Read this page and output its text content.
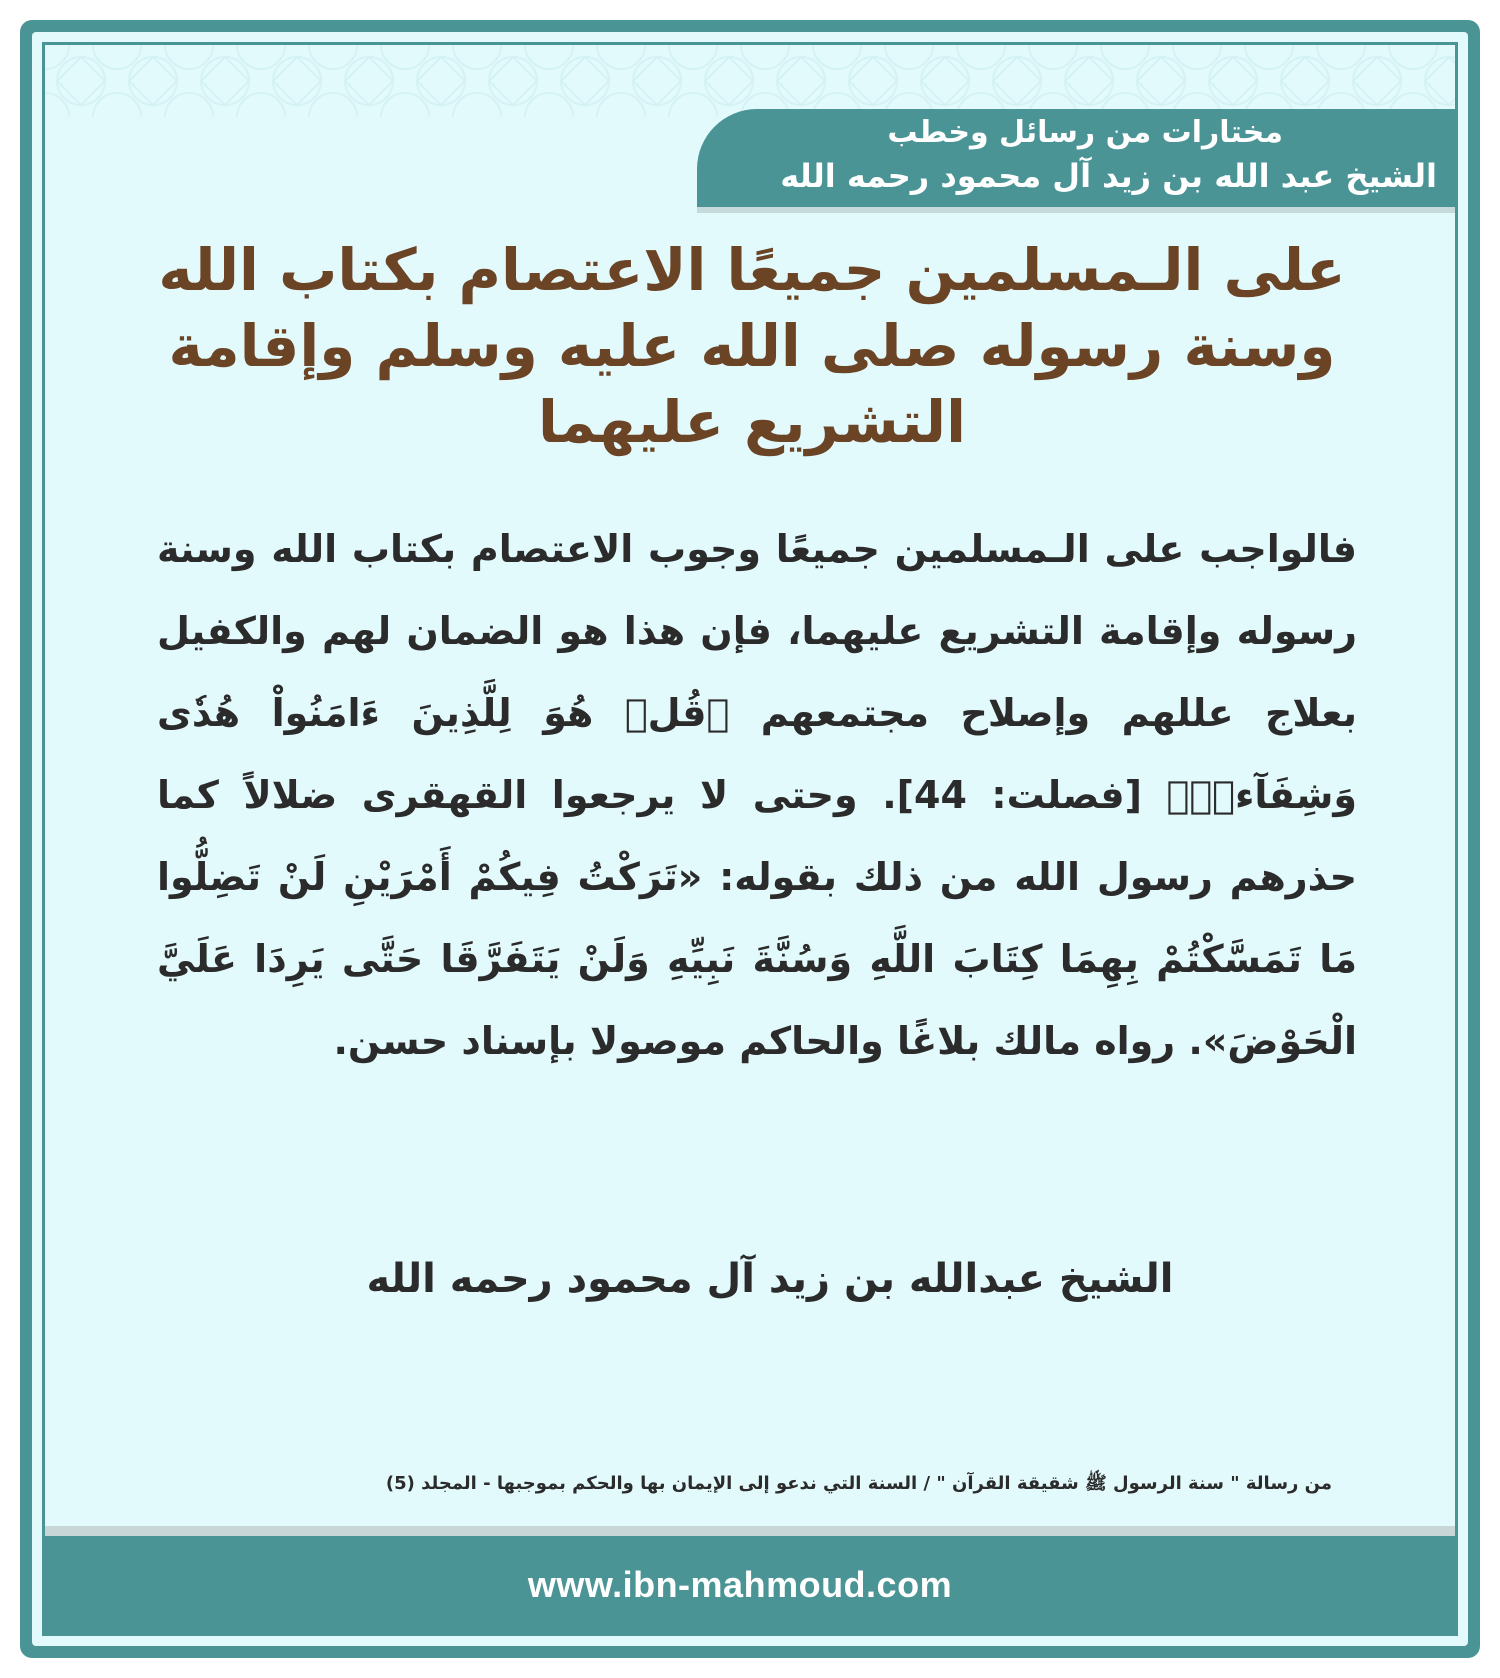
مختارات من رسائل وخطب
الشيخ عبد الله بن زيد آل محمود رحمه الله
على الـمسلمين جميعًا الاعتصام بكتاب الله وسنة رسوله صلى الله عليه وسلم وإقامة التشريع عليهما

فالواجب على الـمسلمين جميعًا وجوب الاعتصام بكتاب الله وسنة رسوله وإقامة التشريع عليهما، فإن هذا هو الضمان لهم والكفيل بعلاج عللهم وإصلاح مجتمعهم ﴿قُلۡ هُوَ لِلَّذِينَ ءَامَنُواْ هُدٗى وَشِفَآءٞۚ﴾ [فصلت: 44]. وحتى لا يرجعوا القهقرى ضلالاً كما حذرهم رسول الله من ذلك بقوله: «تَرَكْتُ فِيكُمْ أَمْرَيْنِ لَنْ تَضِلُّوا مَا تَمَسَّكْتُمْ بِهِمَا كِتَابَ اللَّهِ وَسُنَّةَ نَبِيِّهِ وَلَنْ يَتَفَرَّقَا حَتَّى يَرِدَا عَلَيَّ الْحَوْضَ». رواه مالك بلاغًا والحاكم موصولا بإسناد حسن.

الشيخ عبدالله بن زيد آل محمود رحمه الله
من رسالة " سنة الرسول ﷺ شقيقة القرآن " / السنة التي ندعو إلى الإيمان بها والحكم بموجبها - المجلد (5)
www.ibn-mahmoud.com
